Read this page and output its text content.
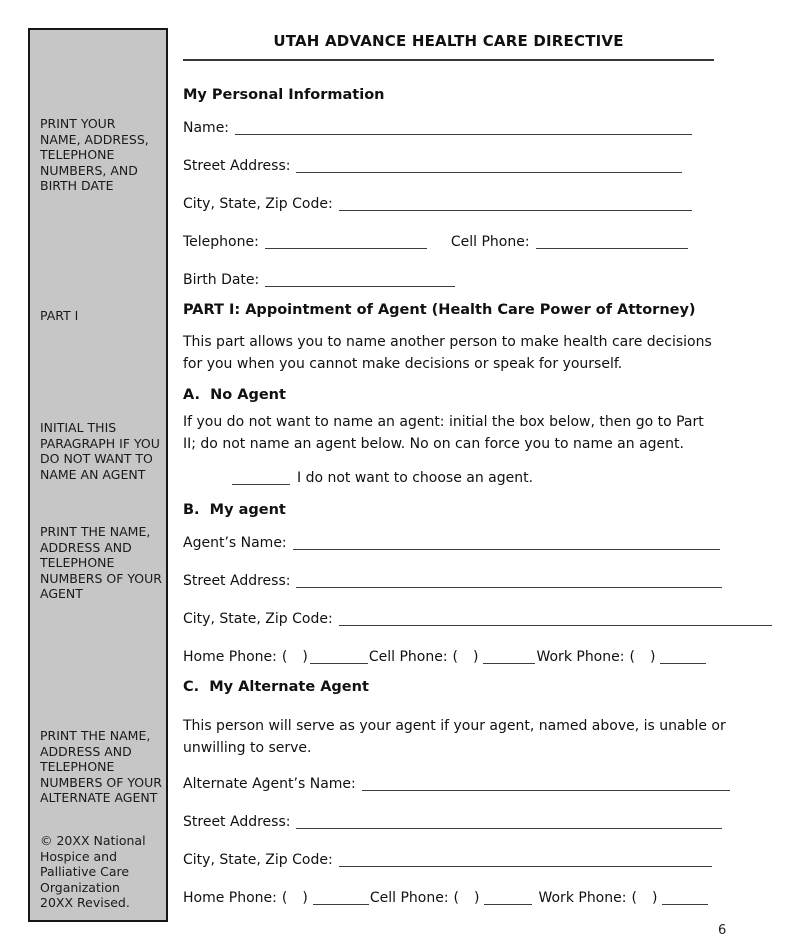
PRINT YOUR
NAME, ADDRESS,
TELEPHONE
NUMBERS, AND
BIRTH DATE
PART I
INITIAL THIS
PARAGRAPH IF YOU
DO NOT WANT TO
NAME AN AGENT
PRINT THE NAME,
ADDRESS AND
TELEPHONE
NUMBERS OF YOUR
AGENT
PRINT THE NAME,
ADDRESS AND
TELEPHONE
NUMBERS OF YOUR
ALTERNATE AGENT
© 20XX National
Hospice and
Palliative Care
Organization
20XX Revised.
UTAH ADVANCE HEALTH CARE DIRECTIVE
My Personal Information
Name:
Street Address:
City, State, Zip Code:
Telephone:	Cell Phone:
Birth Date:
PART I: Appointment of Agent (Health Care Power of Attorney)
This part allows you to name another person to make health care decisions
for you when you cannot make decisions or speak for yourself.
A.  No Agent
If you do not want to name an agent: initial the box below, then go to Part
II; do not name an agent below. No on can force you to name an agent.
I do not want to choose an agent.
B.  My agent
Agent’s Name:
Street Address:
City, State, Zip Code:
Home Phone: ( )	Cell Phone: ( )	Work Phone: ( )
C.  My Alternate Agent
This person will serve as your agent if your agent, named above, is unable or
unwilling to serve.
Alternate Agent’s Name:
Street Address:
City, State, Zip Code:
Home Phone: ( )	Cell Phone: ( )	Work Phone: ( )
6
